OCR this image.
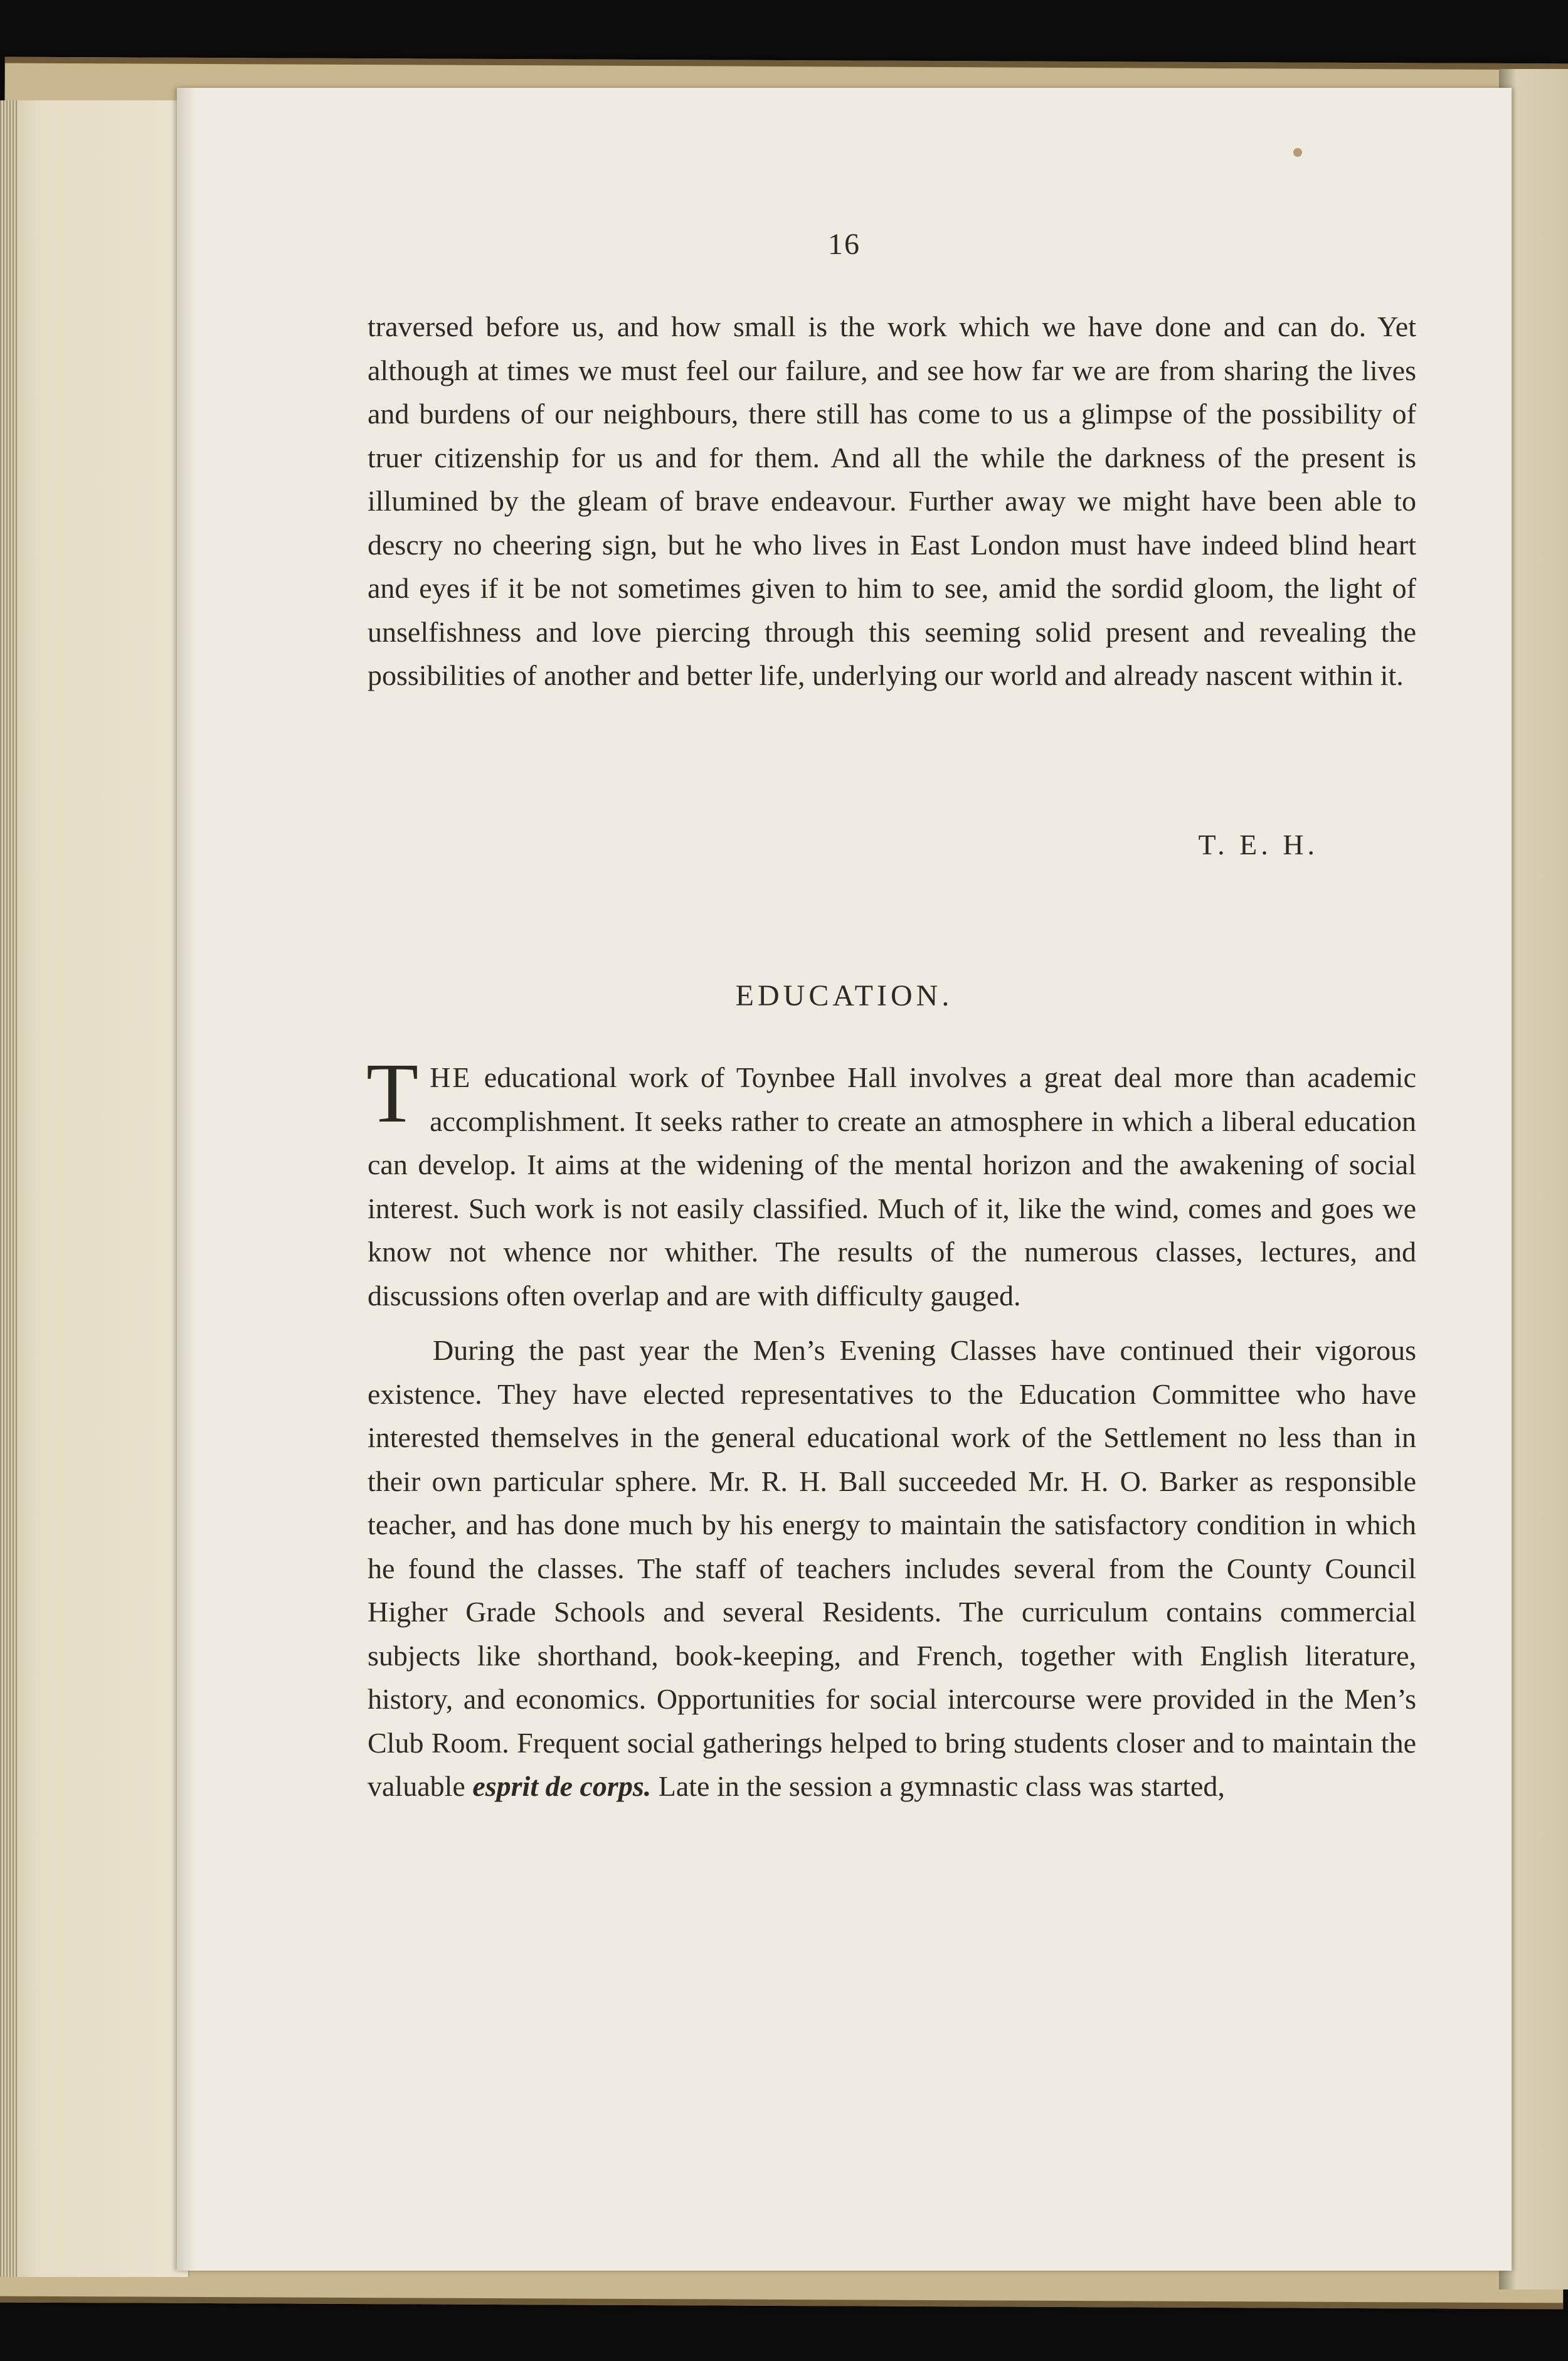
16

traversed before us, and how small is the work which we have done and can do. Yet although at times we must feel our failure, and see how far we are from sharing the lives and burdens of our neighbours, there still has come to us a glimpse of the possibility of truer citizenship for us and for them. And all the while the darkness of the present is illumined by the gleam of brave endeavour. Further away we might have been able to descry no cheering sign, but he who lives in East London must have indeed blind heart and eyes if it be not sometimes given to him to see, amid the sordid gloom, the light of unselfishness and love piercing through this seeming solid present and revealing the possibilities of another and better life, underlying our world and already nascent within it.

T. E. H.
EDUCATION.

THE educational work of Toynbee Hall involves a great deal more than academic accomplishment. It seeks rather to create an atmosphere in which a liberal education can develop. It aims at the widening of the mental horizon and the awakening of social interest. Such work is not easily classified. Much of it, like the wind, comes and goes we know not whence nor whither. The results of the numerous classes, lectures, and discussions often overlap and are with difficulty gauged.

During the past year the Men’s Evening Classes have continued their vigorous existence. They have elected representatives to the Education Committee who have interested themselves in the general educational work of the Settlement no less than in their own particular sphere. Mr. R. H. Ball succeeded Mr. H. O. Barker as responsible teacher, and has done much by his energy to maintain the satisfactory condition in which he found the classes. The staff of teachers includes several from the County Council Higher Grade Schools and several Residents. The curriculum contains commercial subjects like shorthand, book-keeping, and French, together with English literature, history, and economics. Opportunities for social intercourse were provided in the Men’s Club Room. Frequent social gatherings helped to bring students closer and to maintain the valuable esprit de corps. Late in the session a gymnastic class was started,
